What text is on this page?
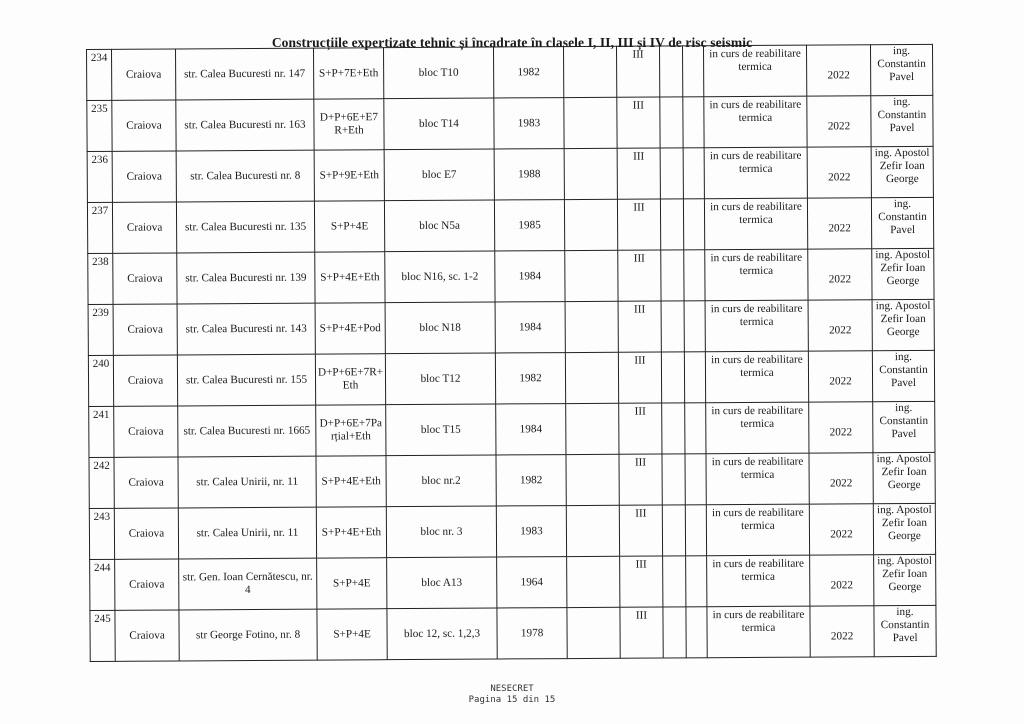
Construcțiile expertizate tehnic și încadrate în clasele I, II, III și IV de risc seismic
234	Craiova	str. Calea Bucuresti nr. 147	S+P+7E+Eth	bloc T10	1982		III			in curs de reabilitare termica	2022	ing. Constantin Pavel
235	Craiova	str. Calea Bucuresti nr. 163	D+P+6E+E7 R+Eth	bloc T14	1983		III			in curs de reabilitare termica	2022	ing. Constantin Pavel
236	Craiova	str. Calea Bucuresti nr. 8	S+P+9E+Eth	bloc E7	1988		III			in curs de reabilitare termica	2022	ing. Apostol Zefir Ioan George
237	Craiova	str. Calea Bucuresti nr. 135	S+P+4E	bloc N5a	1985		III			in curs de reabilitare termica	2022	ing. Constantin Pavel
238	Craiova	str. Calea Bucuresti nr. 139	S+P+4E+Eth	bloc N16, sc. 1-2	1984		III			in curs de reabilitare termica	2022	ing. Apostol Zefir Ioan George
239	Craiova	str. Calea Bucuresti nr. 143	S+P+4E+Pod	bloc N18	1984		III			in curs de reabilitare termica	2022	ing. Apostol Zefir Ioan George
240	Craiova	str. Calea Bucuresti nr. 155	D+P+6E+7R+ Eth	bloc T12	1982		III			in curs de reabilitare termica	2022	ing. Constantin Pavel
241	Craiova	str. Calea Bucuresti nr. 1665	D+P+6E+7Pa rțial+Eth	bloc T15	1984		III			in curs de reabilitare termica	2022	ing. Constantin Pavel
242	Craiova	str. Calea Unirii, nr. 11	S+P+4E+Eth	bloc nr.2	1982		III			in curs de reabilitare termica	2022	ing. Apostol Zefir Ioan George
243	Craiova	str. Calea Unirii, nr. 11	S+P+4E+Eth	bloc nr. 3	1983		III			in curs de reabilitare termica	2022	ing. Apostol Zefir Ioan George
244	Craiova	str. Gen. Ioan Cernătescu, nr. 4	S+P+4E	bloc A13	1964		III			in curs de reabilitare termica	2022	ing. Apostol Zefir Ioan George
245	Craiova	str George Fotino, nr. 8	S+P+4E	bloc 12, sc. 1,2,3	1978		III			in curs de reabilitare termica	2022	ing. Constantin Pavel
NESECRET
Pagina 15 din 15
